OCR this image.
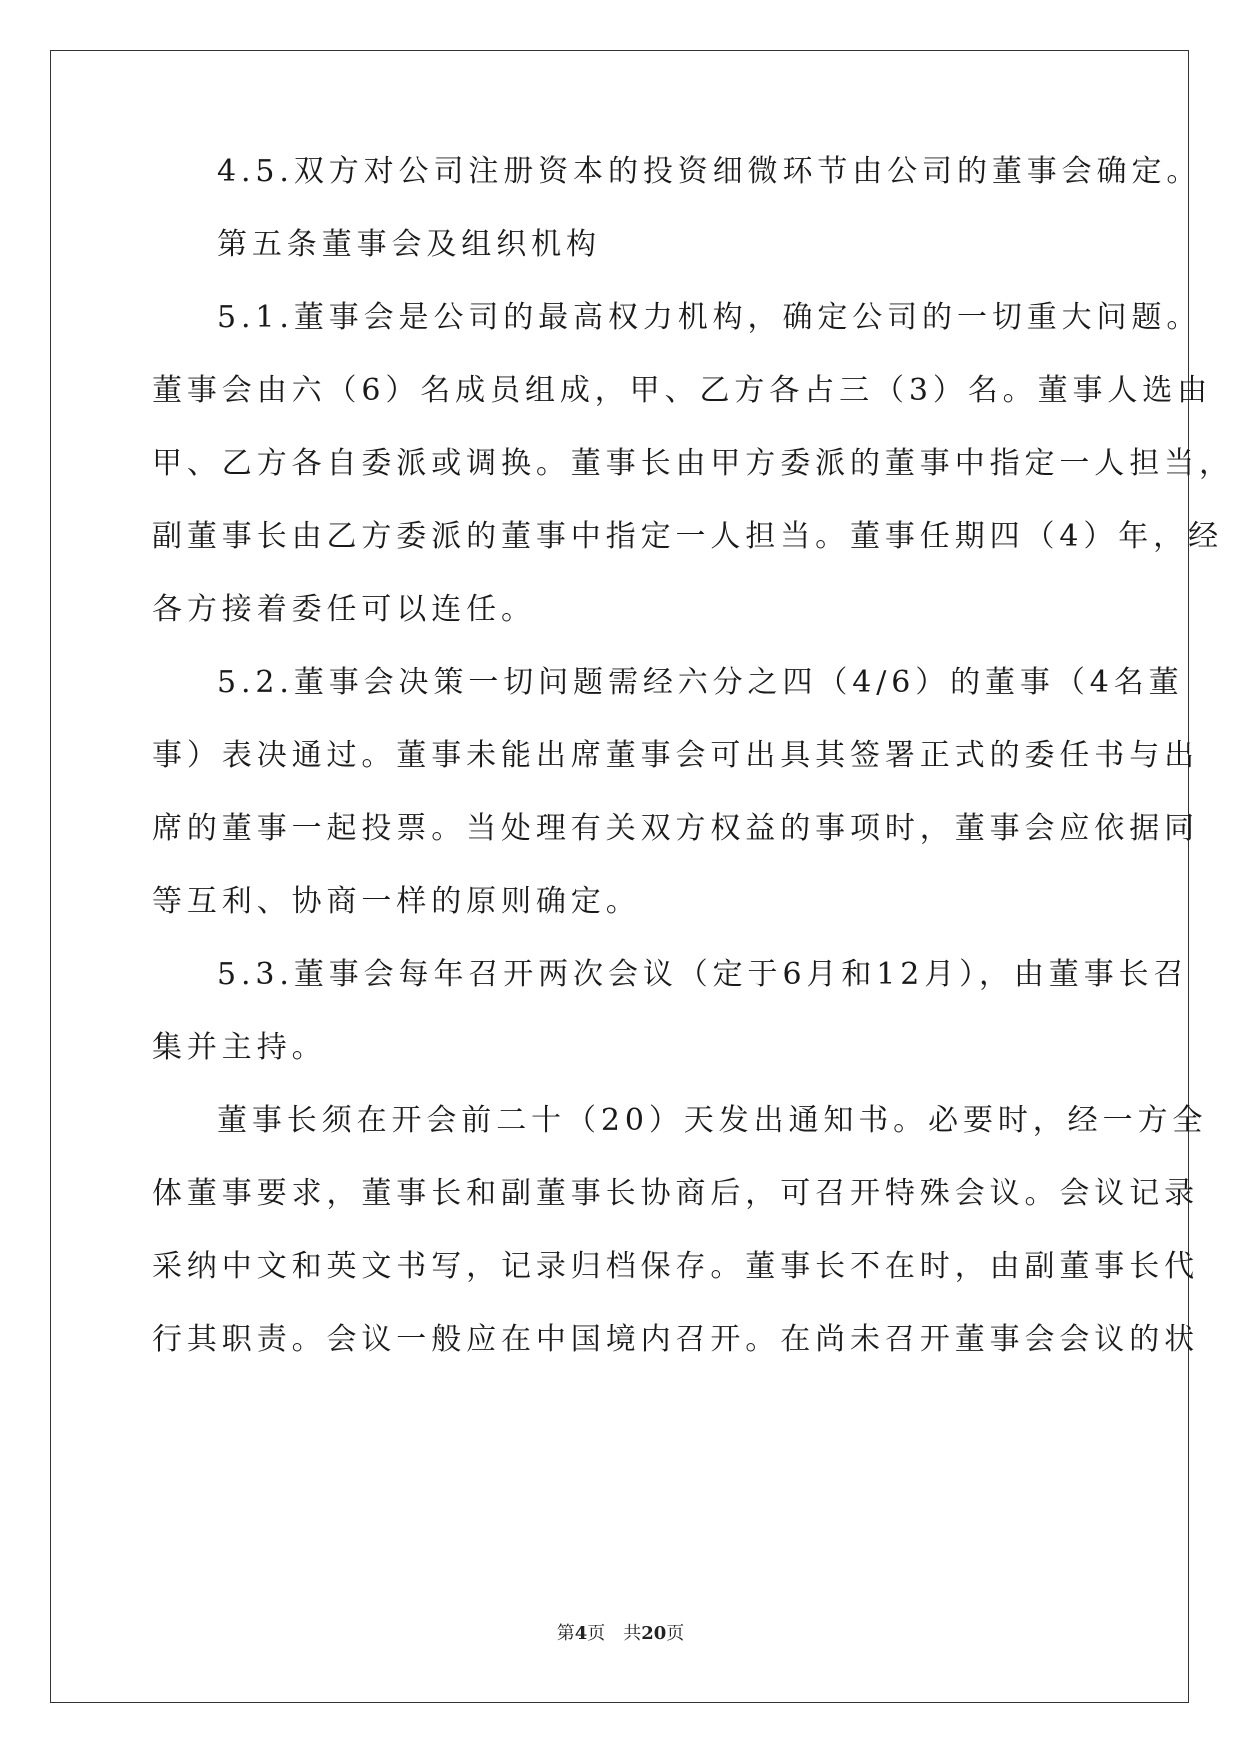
4.5.双方对公司注册资本的投资细微环节由公司的董事会确定。
第五条董事会及组织机构
5.1.董事会是公司的最高权力机构，确定公司的一切重大问题。
董事会由六（6）名成员组成，甲、乙方各占三（3）名。董事人选由
甲、乙方各自委派或调换。董事长由甲方委派的董事中指定一人担当，
副董事长由乙方委派的董事中指定一人担当。董事任期四（4）年，经
各方接着委任可以连任。
5.2.董事会决策一切问题需经六分之四（4/6）的董事（4名董
事）表决通过。董事未能出席董事会可出具其签署正式的委任书与出
席的董事一起投票。当处理有关双方权益的事项时，董事会应依据同
等互利、协商一样的原则确定。
5.3.董事会每年召开两次会议（定于6月和12月），由董事长召
集并主持。
董事长须在开会前二十（20）天发出通知书。必要时，经一方全
体董事要求，董事长和副董事长协商后，可召开特殊会议。会议记录
采纳中文和英文书写，记录归档保存。董事长不在时，由副董事长代
行其职责。会议一般应在中国境内召开。在尚未召开董事会会议的状
第4页 共20页
